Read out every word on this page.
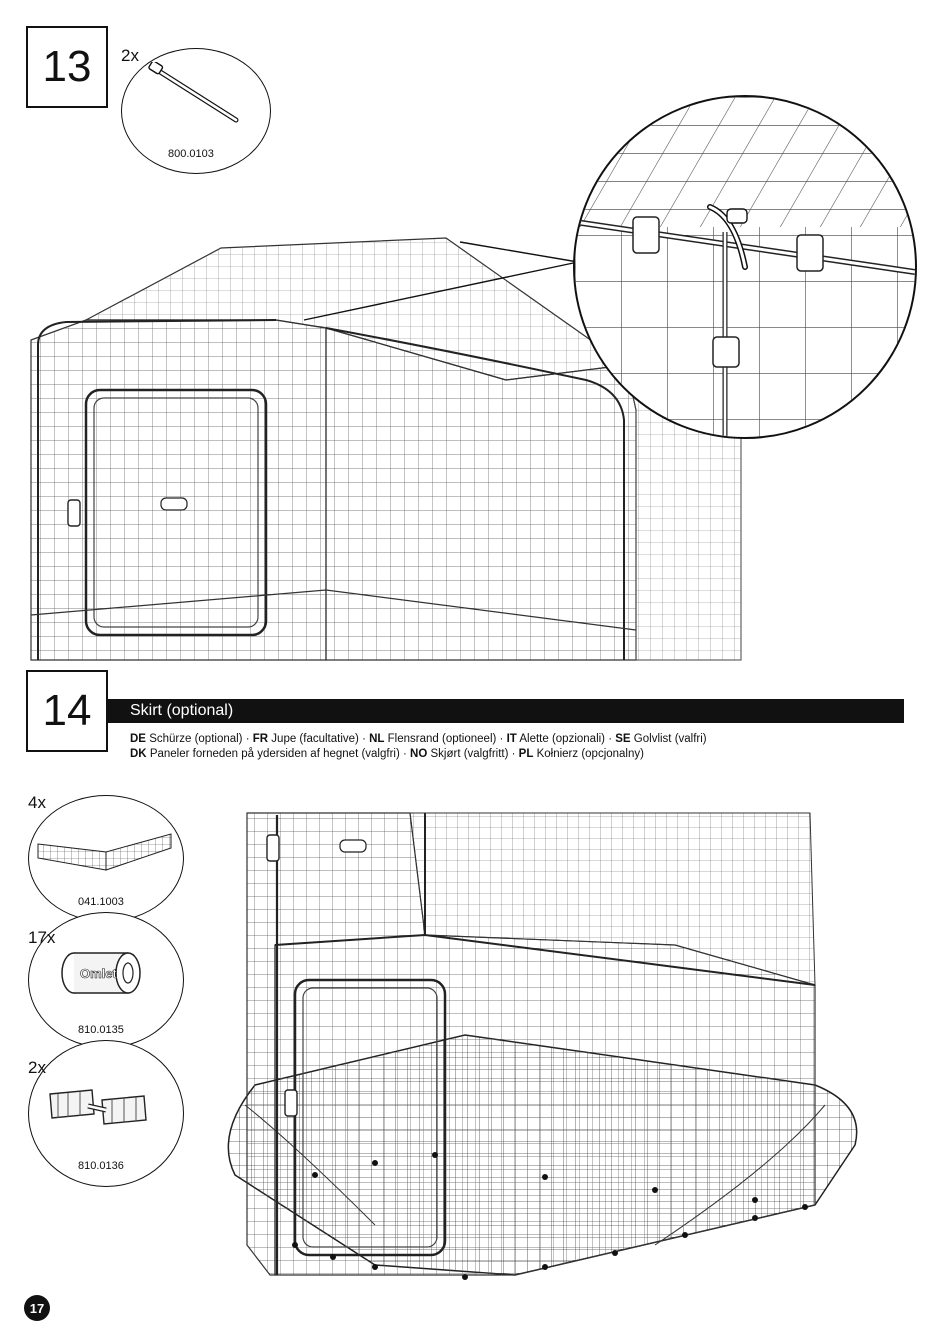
13 2x
800.0103
14	Skirt (optional)
DE Schürze (optional) · FR Jupe (facultative) · NL Flensrand (optioneel) · IT Alette (opzionali) · SE Golvlist (valfri)
DK Paneler forneden på ydersiden af hegnet (valgfri) · NO Skjørt (valgfritt) · PL Kołnierz (opcjonalny)
4x
041.1003
17x
Omlet
810.0135
2x
810.0136
17
